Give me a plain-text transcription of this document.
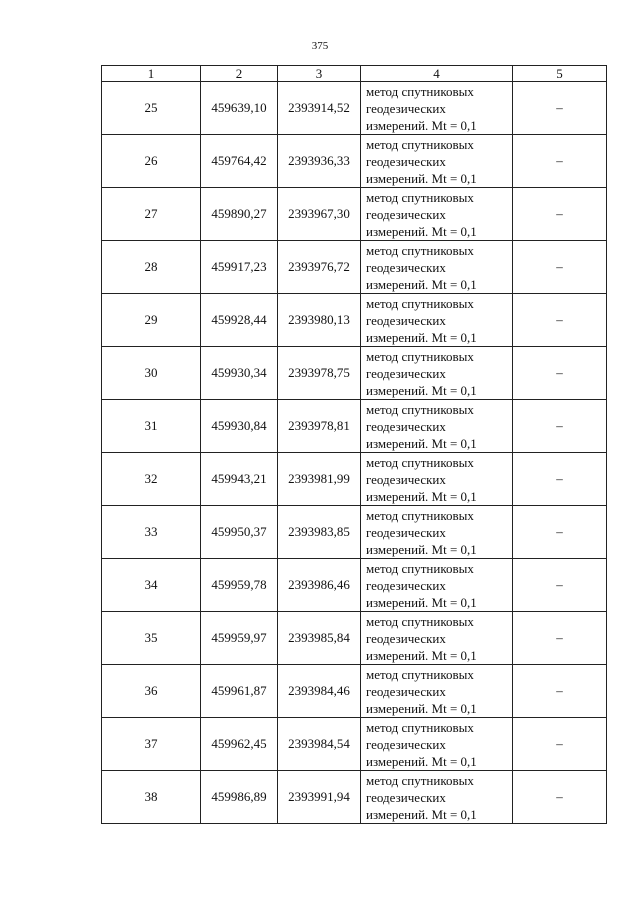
375
1	2	3	4	5
25	459639,10	2393914,52	метод спутниковых
геодезических
измерений. Mt = 0,1	–
26	459764,42	2393936,33	метод спутниковых
геодезических
измерений. Mt = 0,1	–
27	459890,27	2393967,30	метод спутниковых
геодезических
измерений. Mt = 0,1	–
28	459917,23	2393976,72	метод спутниковых
геодезических
измерений. Mt = 0,1	–
29	459928,44	2393980,13	метод спутниковых
геодезических
измерений. Mt = 0,1	–
30	459930,34	2393978,75	метод спутниковых
геодезических
измерений. Mt = 0,1	–
31	459930,84	2393978,81	метод спутниковых
геодезических
измерений. Mt = 0,1	–
32	459943,21	2393981,99	метод спутниковых
геодезических
измерений. Mt = 0,1	–
33	459950,37	2393983,85	метод спутниковых
геодезических
измерений. Mt = 0,1	–
34	459959,78	2393986,46	метод спутниковых
геодезических
измерений. Mt = 0,1	–
35	459959,97	2393985,84	метод спутниковых
геодезических
измерений. Mt = 0,1	–
36	459961,87	2393984,46	метод спутниковых
геодезических
измерений. Mt = 0,1	–
37	459962,45	2393984,54	метод спутниковых
геодезических
измерений. Mt = 0,1	–
38	459986,89	2393991,94	метод спутниковых
геодезических
измерений. Mt = 0,1	–
